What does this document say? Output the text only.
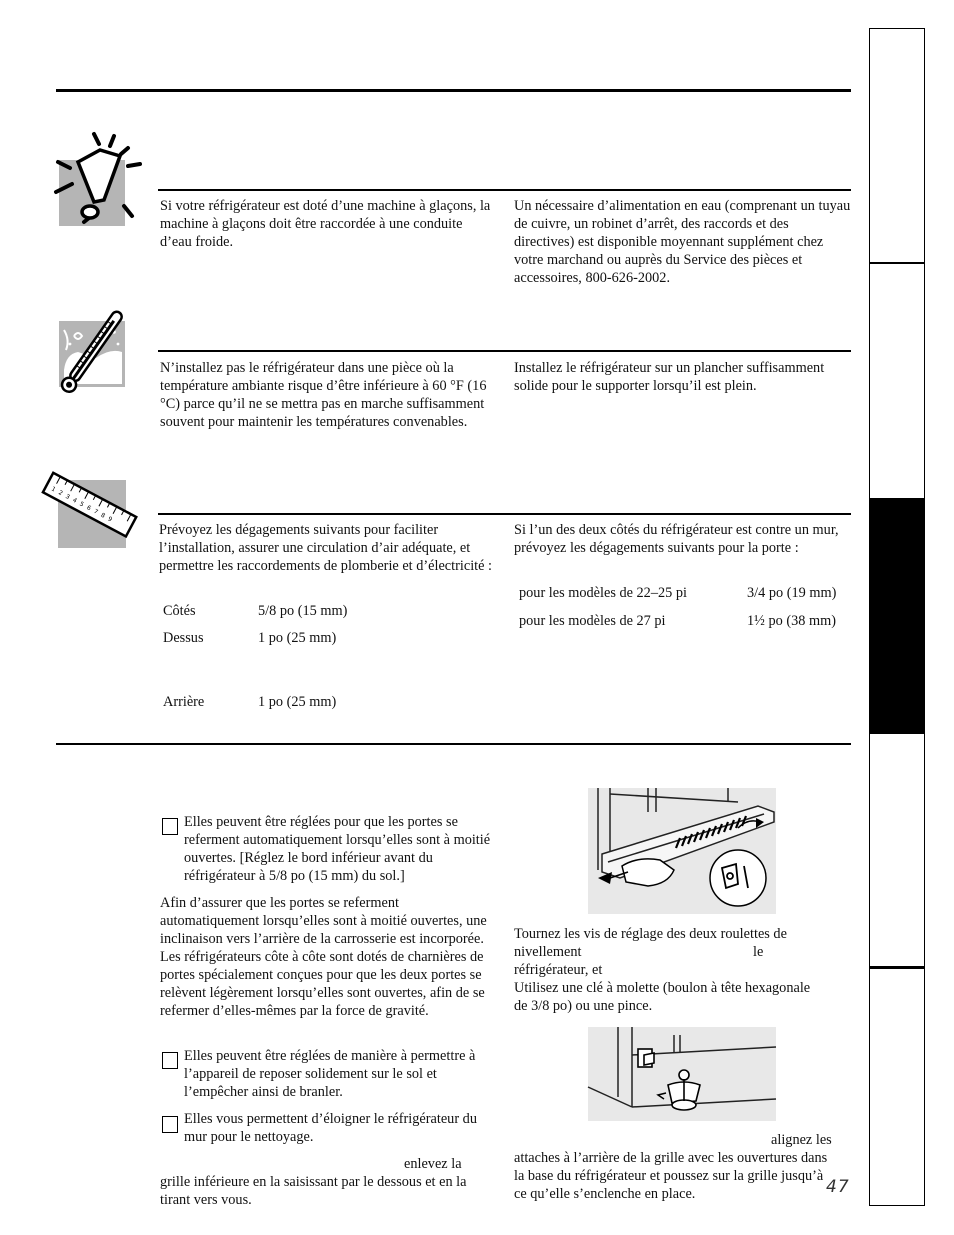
Si votre réfrigérateur est doté d’une machine à glaçons, la machine à glaçons doit être raccordée à une conduite d’eau froide.

Un nécessaire d’alimentation en eau (comprenant un tuyau de cuivre, un robinet d’arrêt, des raccords et des directives) est disponible moyennant supplément chez votre marchand ou auprès du Service des pièces et accessoires, 800-626-2002.

N’installez pas le réfrigérateur dans une pièce où la température ambiante risque d’être inférieure à 60 °F (16 °C) parce qu’il ne se mettra pas en marche suffisamment souvent pour maintenir les températures convenables.

Installez le réfrigérateur sur un plancher suffisamment solide pour le supporter lorsqu’il est plein.

1 2 3 4 5 6 7 8 9

Prévoyez les dégagements suivants pour faciliter l’installation, assurer une circulation d’air adéquate, et permettre les raccordements de plomberie et d’électricité :

Côtés	5/8 po (15 mm)
Dessus	1 po (25 mm)
Arrière	1 po (25 mm)

Si l’un des deux côtés du réfrigérateur est contre un mur, prévoyez les dégagements suivants pour la porte :

pour les modèles de 22–25 pi	3/4 po (19 mm)
pour les modèles de 27 pi	1½ po (38 mm)

Elles peuvent être réglées pour que les portes se referment automatiquement lorsqu’elles sont à moitié ouvertes. [Réglez le bord inférieur avant du réfrigérateur à 5/8 po (15 mm) du sol.]

Afin d’assurer que les portes se referment automatiquement lorsqu’elles sont à moitié ouvertes, une inclinaison vers l’arrière de la carrosserie est incorporée. Les réfrigérateurs côte à côte sont dotés de charnières de portes spécialement conçues pour que les deux portes se relèvent légèrement lorsqu’elles sont ouvertes, afin de se refermer d’elles-mêmes par la force de gravité.

Elles peuvent être réglées de manière à permettre à l’appareil de reposer solidement sur le sol et l’empêcher ainsi de branler.

Elles vous permettent d’éloigner le réfrigérateur du mur pour le nettoyage.

enlevez la

grille inférieure en la saisissant par le dessous et en la tirant vers vous.

Tournez les vis de réglage des deux roulettes de

nivellement	le

réfrigérateur, et

Utilisez une clé à molette (boulon à tête hexagonale de 3/8 po) ou une pince.

alignez les

attaches à l’arrière de la grille avec les ouvertures dans la base du réfrigérateur et poussez sur la grille jusqu’à ce qu’elle s’enclenche en place.	47
